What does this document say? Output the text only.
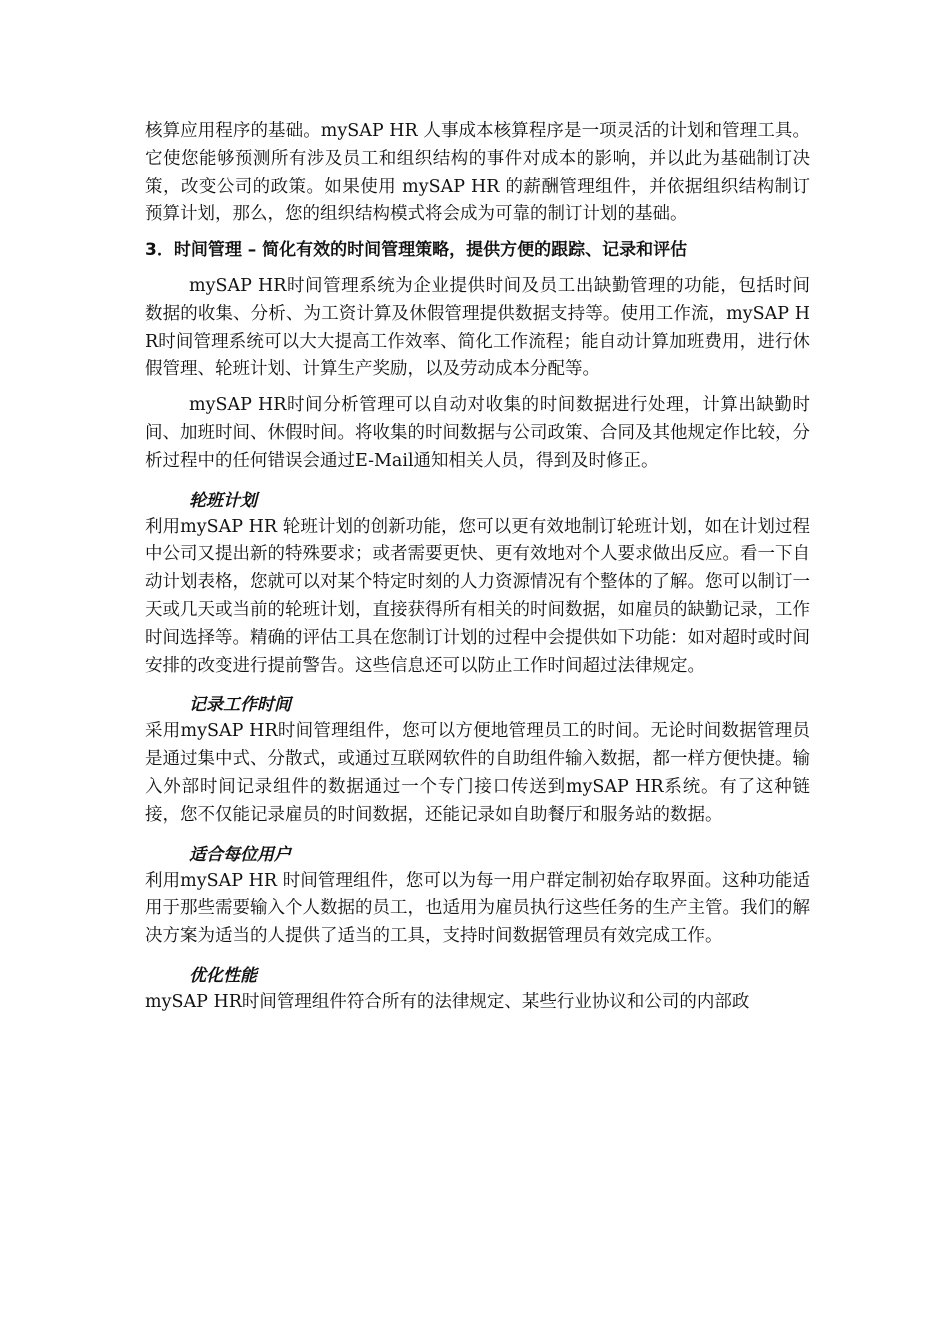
核算应用程序的基础。mySAP HR 人事成本核算程序是一项灵活的计划和管理工具。它使您能够预测所有涉及员工和组织结构的事件对成本的影响，并以此为基础制订决策，改变公司的政策。如果使用 mySAP HR 的薪酬管理组件，并依据组织结构制订预算计划，那么，您的组织结构模式将会成为可靠的制订计划的基础。

3．时间管理 – 简化有效的时间管理策略，提供方便的跟踪、记录和评估

mySAP HR时间管理系统为企业提供时间及员工出缺勤管理的功能，包括时间数据的收集、分析、为工资计算及休假管理提供数据支持等。使用工作流，mySAP HR时间管理系统可以大大提高工作效率、简化工作流程；能自动计算加班费用，进行休假管理、轮班计划、计算生产奖励，以及劳动成本分配等。

mySAP HR时间分析管理可以自动对收集的时间数据进行处理，计算出缺勤时间、加班时间、休假时间。将收集的时间数据与公司政策、合同及其他规定作比较，分析过程中的任何错误会通过E-Mail通知相关人员，得到及时修正。

轮班计划

利用mySAP HR 轮班计划的创新功能，您可以更有效地制订轮班计划，如在计划过程中公司又提出新的特殊要求；或者需要更快、更有效地对个人要求做出反应。看一下自动计划表格，您就可以对某个特定时刻的人力资源情况有个整体的了解。您可以制订一天或几天或当前的轮班计划，直接获得所有相关的时间数据，如雇员的缺勤记录，工作时间选择等。精确的评估工具在您制订计划的过程中会提供如下功能：如对超时或时间安排的改变进行提前警告。这些信息还可以防止工作时间超过法律规定。

记录工作时间

采用mySAP HR时间管理组件，您可以方便地管理员工的时间。无论时间数据管理员是通过集中式、分散式，或通过互联网软件的自助组件输入数据，都一样方便快捷。输入外部时间记录组件的数据通过一个专门接口传送到mySAP HR系统。有了这种链接，您不仅能记录雇员的时间数据，还能记录如自助餐厅和服务站的数据。

适合每位用户

利用mySAP HR 时间管理组件，您可以为每一用户群定制初始存取界面。这种功能适用于那些需要输入个人数据的员工，也适用为雇员执行这些任务的生产主管。我们的解决方案为适当的人提供了适当的工具，支持时间数据管理员有效完成工作。

优化性能

mySAP HR时间管理组件符合所有的法律规定、某些行业协议和公司的内部政
